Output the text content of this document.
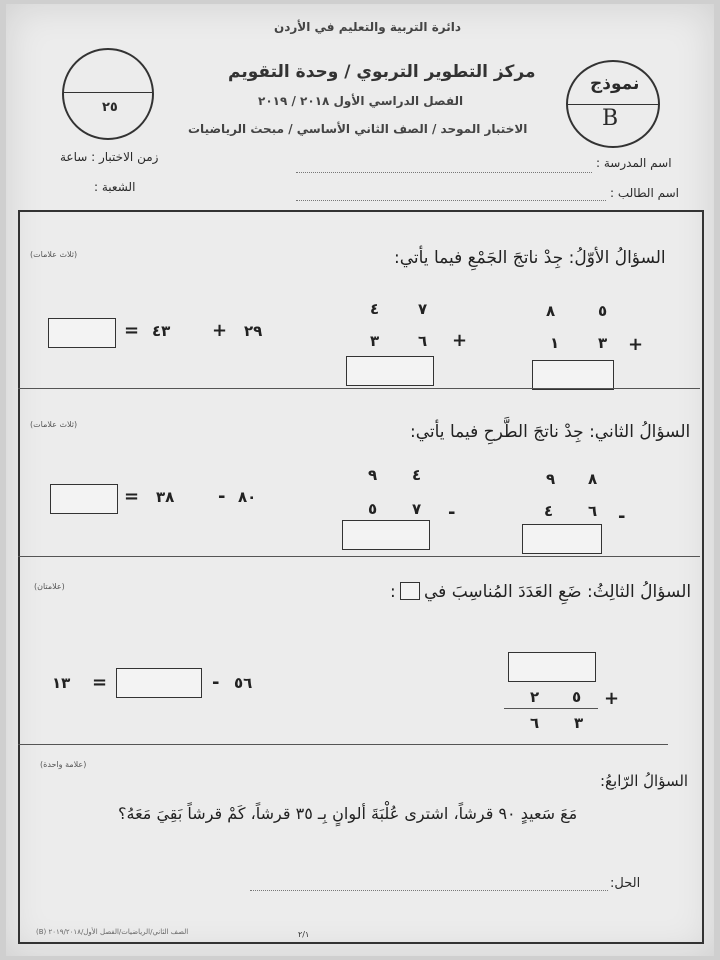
دائرة التربية والتعليم في الأردن
مركز التطوير التربوي / وحدة التقويم
الفصل الدراسي الأول ٢٠١٨ / ٢٠١٩
الاختبار الموحد / الصف الثاني الأساسي / مبحث الرياضيات
٢٥
نموذج
B
اسم المدرسة :
اسم الطالب :
زمن الاختبار : ساعة
الشعبة :
(ثلاث علامات)	السؤالُ الأوّلُ: جِدْ ناتجَ الجَمْعِ فيما يأتي:
٨	٥
١	٣ +
٤	٧
٣	٦ +
= ٤٣ + ٢٩
(ثلاث علامات)	السؤالُ الثاني: جِدْ ناتجَ الطَّرحِ فيما يأتي:
٩ ٨
٤ ٦ -
٩ ٤
٥ ٧ -
= ٣٨ - ٨٠
(علامتان)	السؤالُ الثالِثُ: ضَعِ العَدَدَ المُناسِبَ في
:
٢ ٥ +
٦ ٣
١٣ =	- ٥٦
(علامة واحدة)
السؤالُ الرّابعُ:
مَعَ سَعيدٍ ٩٠ قرشاً، اشترى عُلْبَةَ ألوانٍ بِـ ٣٥ قرشاً، كَمْ قرشاً بَقِيَ مَعَهُ؟
الحل:
٢/١
الصف الثاني/الرياضيات/الفصل الأول/٢٠١٩/٢٠١٨ (B)
